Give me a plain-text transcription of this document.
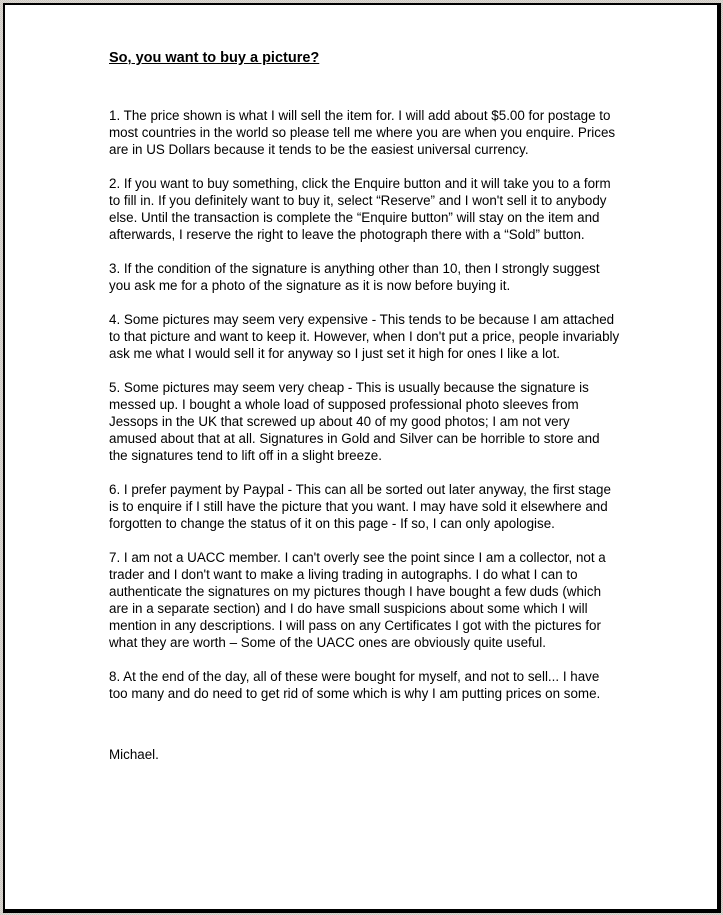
So, you want to buy a picture?

1. The price shown is what I will sell the item for. I will add about $5.00 for postage to most countries in the world so please tell me where you are when you enquire. Prices are in US Dollars because it tends to be the easiest universal currency.

2. If you want to buy something, click the Enquire button and it will take you to a form to fill in. If you definitely want to buy it, select “Reserve” and I won't sell it to anybody else. Until the transaction is complete the “Enquire button” will stay on the item and afterwards, I reserve the right to leave the photograph there with a “Sold” button.

3. If the condition of the signature is anything other than 10, then I strongly suggest you ask me for a photo of the signature as it is now before buying it.

4. Some pictures may seem very expensive - This tends to be because I am attached to that picture and want to keep it. However, when I don't put a price, people invariably ask me what I would sell it for anyway so I just set it high for ones I like a lot.

5. Some pictures may seem very cheap - This is usually because the signature is messed up. I bought a whole load of supposed professional photo sleeves from Jessops in the UK that screwed up about 40 of my good photos; I am not very amused about that at all. Signatures in Gold and Silver can be horrible to store and the signatures tend to lift off in a slight breeze.

6. I prefer payment by Paypal - This can all be sorted out later anyway, the first stage is to enquire if I still have the picture that you want. I may have sold it elsewhere and forgotten to change the status of it on this page - If so, I can only apologise.

7. I am not a UACC member. I can't overly see the point since I am a collector, not a trader and I don't want to make a living trading in autographs. I do what I can to authenticate the signatures on my pictures though I have bought a few duds (which are in a separate section) and I do have small suspicions about some which I will mention in any descriptions. I will pass on any Certificates I got with the pictures for what they are worth – Some of the UACC ones are obviously quite useful.

8. At the end of the day, all of these were bought for myself, and not to sell... I have too many and do need to get rid of some which is why I am putting prices on some.

Michael.
